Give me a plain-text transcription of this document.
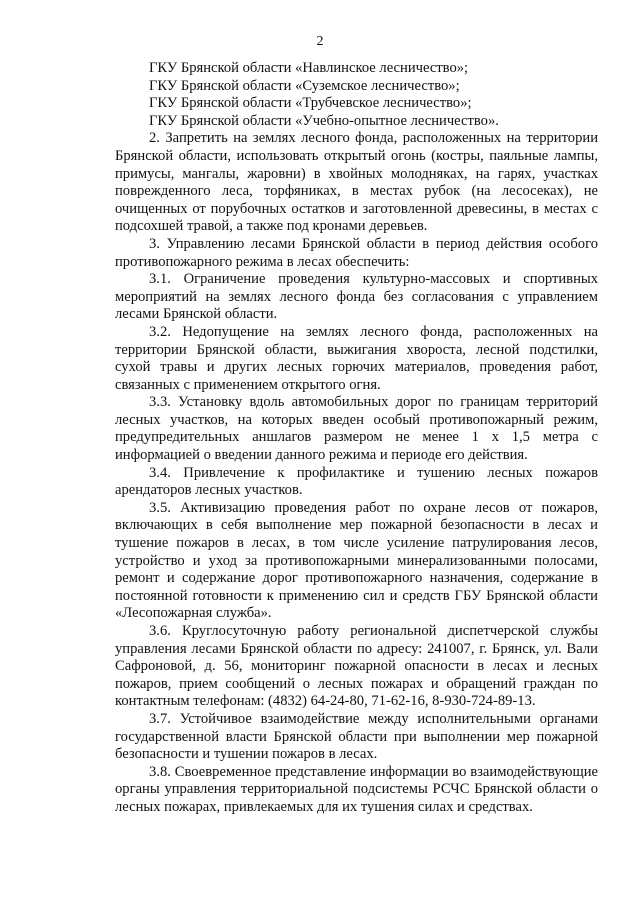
2

ГКУ Брянской области «Навлинское лесничество»;

ГКУ Брянской области «Суземское лесничество»;

ГКУ Брянской области «Трубчевское лесничество»;

ГКУ Брянской области «Учебно-опытное лесничество».

2. Запретить на землях лесного фонда, расположенных на территории Брянской области, использовать открытый огонь (костры, паяльные лампы, примусы, мангалы, жаровни) в хвойных молодняках, на гарях, участках поврежденного леса, торфяниках, в местах рубок (на лесосеках), не очищенных от порубочных остатков и заготовленной древесины, в местах с подсохшей травой, а также под кронами деревьев.

3. Управлению лесами Брянской области в период действия особого противопожарного режима в лесах обеспечить:

3.1. Ограничение проведения культурно-массовых и спортивных мероприятий на землях лесного фонда без согласования с управлением лесами Брянской области.

3.2. Недопущение на землях лесного фонда, расположенных на территории Брянской области, выжигания хвороста, лесной подстилки, сухой травы и других лесных горючих материалов, проведения работ, связанных с применением открытого огня.

3.3. Установку вдоль автомобильных дорог по границам территорий лесных участков, на которых введен особый противопожарный режим, предупредительных аншлагов размером не менее 1 х 1,5 метра с информацией о введении данного режима и периоде его действия.

3.4. Привлечение к профилактике и тушению лесных пожаров арендаторов лесных участков.

3.5. Активизацию проведения работ по охране лесов от пожаров, включающих в себя выполнение мер пожарной безопасности в лесах и тушение пожаров в лесах, в том числе усиление патрулирования лесов, устройство и уход за противопожарными минерализованными полосами, ремонт и содержание дорог противопожарного назначения, содержание в постоянной готовности к применению сил и средств ГБУ Брянской области «Лесопожарная служба».

3.6. Круглосуточную работу региональной диспетчерской службы управления лесами Брянской области по адресу: 241007, г. Брянск, ул. Вали Сафроновой, д. 56, мониторинг пожарной опасности в лесах и лесных пожаров, прием сообщений о лесных пожарах и обращений граждан по контактным телефонам: (4832) 64-24-80, 71-62-16, 8-930-724-89-13.

3.7. Устойчивое взаимодействие между исполнительными органами государственной власти Брянской области при выполнении мер пожарной безопасности и тушении пожаров в лесах.

3.8. Своевременное представление информации во взаимодействующие органы управления территориальной подсистемы РСЧС Брянской области о лесных пожарах, привлекаемых для их тушения силах и средствах.
